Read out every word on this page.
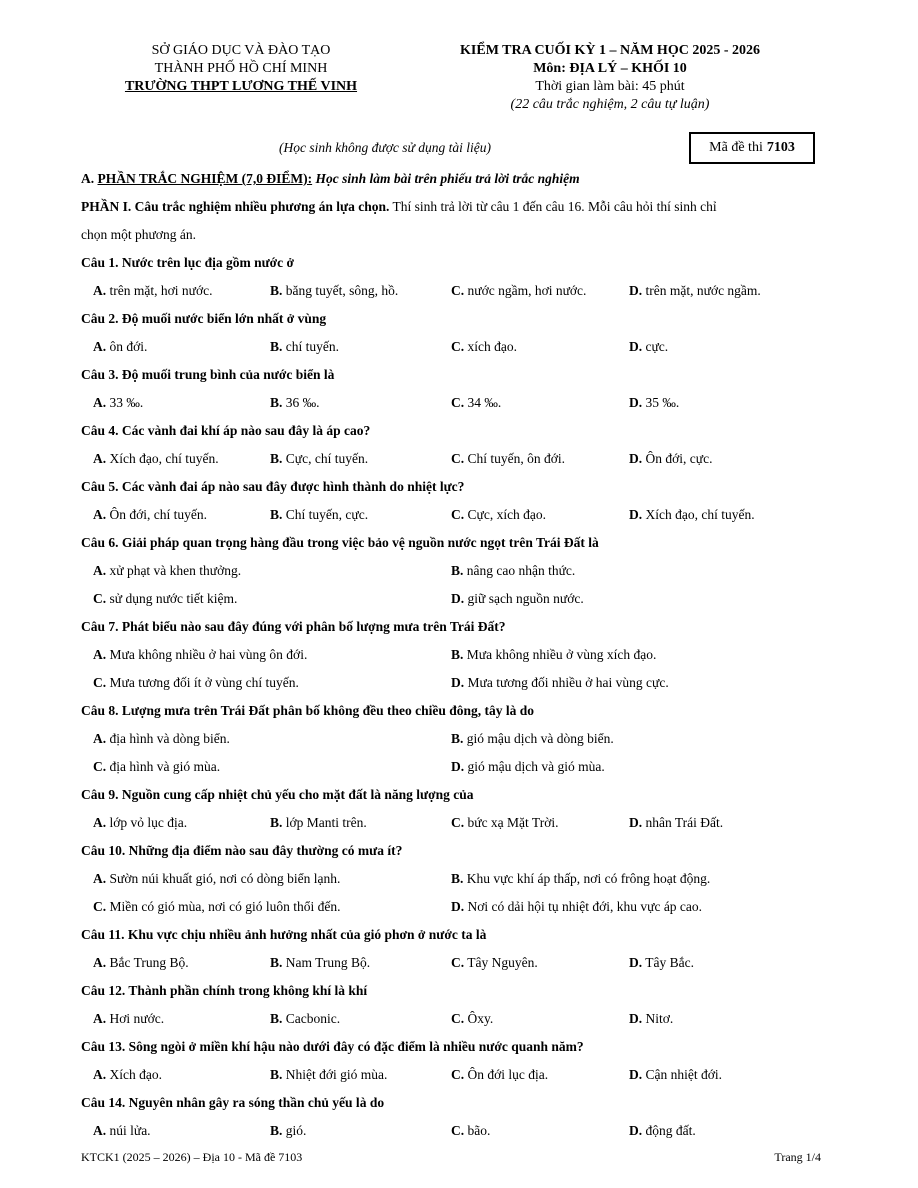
SỞ GIÁO DỤC VÀ ĐÀO TẠO
THÀNH PHỐ HỒ CHÍ MINH
TRƯỜNG THPT LƯƠNG THẾ VINH
KIỂM TRA CUỐI KỲ 1 – NĂM HỌC 2025 - 2026
Môn: ĐỊA LÝ – KHỐI 10
Thời gian làm bài: 45 phút
(22 câu trắc nghiệm, 2 câu tự luận)
(Học sinh không được sử dụng tài liệu)	Mã đề thi 7103
A. PHẦN TRẮC NGHIỆM (7,0 ĐIỂM): Học sinh làm bài trên phiếu trả lời trắc nghiệm
PHẦN I. Câu trắc nghiệm nhiều phương án lựa chọn. Thí sinh trả lời từ câu 1 đến câu 16. Mỗi câu hỏi thí sinh chỉ
chọn một phương án.
Câu 1. Nước trên lục địa gồm nước ở
A. trên mặt, hơi nước.	B. băng tuyết, sông, hồ.	C. nước ngầm, hơi nước.	D. trên mặt, nước ngầm.
Câu 2. Độ muối nước biển lớn nhất ở vùng
A. ôn đới.	B. chí tuyến.	C. xích đạo.	D. cực.
Câu 3. Độ muối trung bình của nước biển là
A. 33 ‰.	B. 36 ‰.	C. 34 ‰.	D. 35 ‰.
Câu 4. Các vành đai khí áp nào sau đây là áp cao?
A. Xích đạo, chí tuyến.	B. Cực, chí tuyến.	C. Chí tuyến, ôn đới.	D. Ôn đới, cực.
Câu 5. Các vành đai áp nào sau đây được hình thành do nhiệt lực?
A. Ôn đới, chí tuyến.	B. Chí tuyến, cực.	C. Cực, xích đạo.	D. Xích đạo, chí tuyến.
Câu 6. Giải pháp quan trọng hàng đầu trong việc bảo vệ nguồn nước ngọt trên Trái Đất là
A. xử phạt và khen thưởng.	B. nâng cao nhận thức.
C. sử dụng nước tiết kiệm.	D. giữ sạch nguồn nước.
Câu 7. Phát biểu nào sau đây đúng với phân bố lượng mưa trên Trái Đất?
A. Mưa không nhiều ở hai vùng ôn đới.	B. Mưa không nhiều ở vùng xích đạo.
C. Mưa tương đối ít ở vùng chí tuyến.	D. Mưa tương đối nhiều ở hai vùng cực.
Câu 8. Lượng mưa trên Trái Đất phân bố không đều theo chiều đông, tây là do
A. địa hình và dòng biển.	B. gió mậu dịch và dòng biển.
C. địa hình và gió mùa.	D. gió mậu dịch và gió mùa.
Câu 9. Nguồn cung cấp nhiệt chủ yếu cho mặt đất là năng lượng của
A. lớp vỏ lục địa.	B. lớp Manti trên.	C. bức xạ Mặt Trời.	D. nhân Trái Đất.
Câu 10. Những địa điểm nào sau đây thường có mưa ít?
A. Sườn núi khuất gió, nơi có dòng biển lạnh.	B. Khu vực khí áp thấp, nơi có frông hoạt động.
C. Miền có gió mùa, nơi có gió luôn thổi đến.	D. Nơi có dải hội tụ nhiệt đới, khu vực áp cao.
Câu 11. Khu vực chịu nhiều ảnh hưởng nhất của gió phơn ở nước ta là
A. Bắc Trung Bộ.	B. Nam Trung Bộ.	C. Tây Nguyên.	D. Tây Bắc.
Câu 12. Thành phần chính trong không khí là khí
A. Hơi nước.	B. Cacbonic.	C. Ôxy.	D. Nitơ.
Câu 13. Sông ngòi ở miền khí hậu nào dưới đây có đặc điểm là nhiều nước quanh năm?
A. Xích đạo.	B. Nhiệt đới gió mùa.	C. Ôn đới lục địa.	D. Cận nhiệt đới.
Câu 14. Nguyên nhân gây ra sóng thần chủ yếu là do
A. núi lửa.	B. gió.	C. bão.	D. động đất.
KTCK1 (2025 – 2026) – Địa 10 - Mã đề 7103	Trang 1/4
